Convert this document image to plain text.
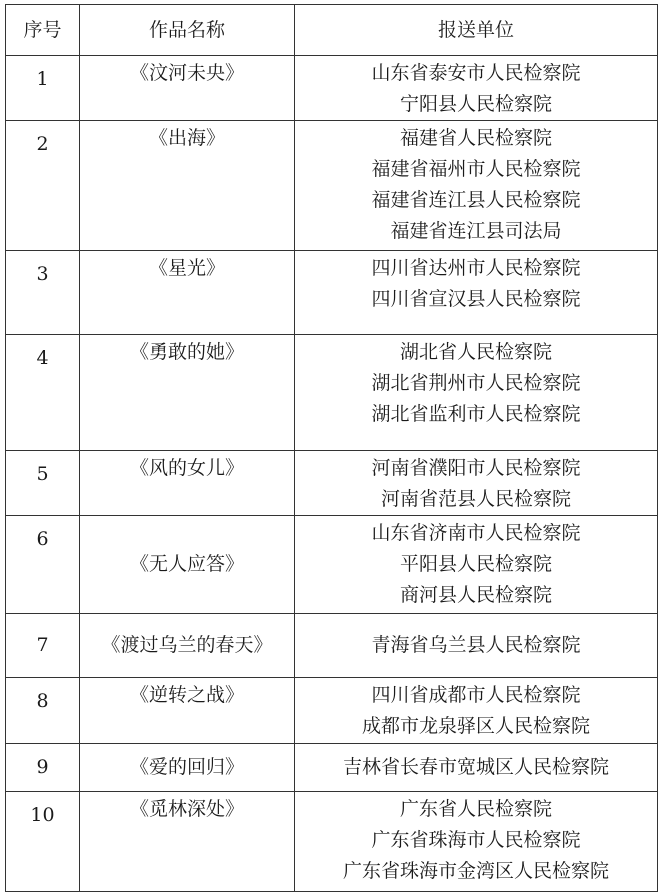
序号	作品名称	报送单位
1	《汶河未央》	山东省泰安市人民检察院
宁阳县人民检察院

2	《出海》	福建省人民检察院
福建省福州市人民检察院
福建省连江县人民检察院
福建省连江县司法局

3	《星光》	四川省达州市人民检察院
四川省宣汉县人民检察院

4	《勇敢的她》	湖北省人民检察院
湖北省荆州市人民检察院
湖北省监利市人民检察院

5	《风的女儿》	河南省濮阳市人民检察院
河南省范县人民检察院

6	《无人应答》	山东省济南市人民检察院
平阳县人民检察院
商河县人民检察院

7	《渡过乌兰的春天》	青海省乌兰县人民检察院

8	《逆转之战》	四川省成都市人民检察院
成都市龙泉驿区人民检察院

9	《爱的回归》	吉林省长春市宽城区人民检察院

10	《觅林深处》	广东省人民检察院
广东省珠海市人民检察院
广东省珠海市金湾区人民检察院
